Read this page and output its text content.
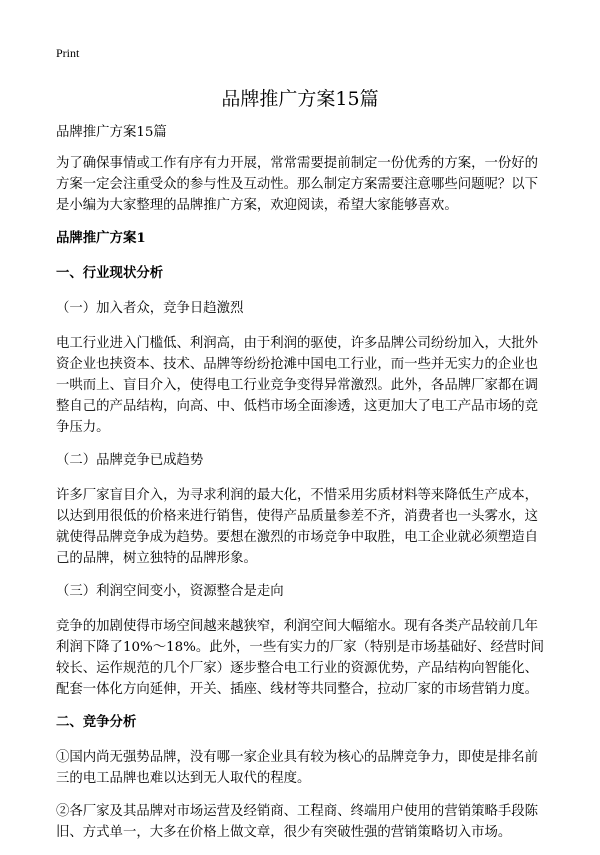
Print
品牌推广方案15篇

品牌推广方案15篇

为了确保事情或工作有序有力开展，常常需要提前制定一份优秀的方案，一份好的方案一定会注重受众的参与性及互动性。那么制定方案需要注意哪些问题呢？以下是小编为大家整理的品牌推广方案，欢迎阅读，希望大家能够喜欢。

品牌推广方案1

一、行业现状分析

（一）加入者众，竞争日趋激烈

电工行业进入门槛低、利润高，由于利润的驱使，许多品牌公司纷纷加入，大批外资企业也挟资本、技术、品牌等纷纷抢滩中国电工行业，而一些并无实力的企业也一哄而上、盲目介入，使得电工行业竞争变得异常激烈。此外，各品牌厂家都在调整自己的产品结构，向高、中、低档市场全面渗透，这更加大了电工产品市场的竞争压力。

（二）品牌竞争已成趋势

许多厂家盲目介入，为寻求利润的最大化，不惜采用劣质材料等来降低生产成本，以达到用很低的价格来进行销售，使得产品质量参差不齐，消费者也一头雾水，这就使得品牌竞争成为趋势。要想在激烈的市场竞争中取胜，电工企业就必须塑造自己的品牌，树立独特的品牌形象。

（三）利润空间变小，资源整合是走向

竞争的加剧使得市场空间越来越狭窄，利润空间大幅缩水。现有各类产品较前几年利润下降了10%～18%。此外，一些有实力的厂家（特别是市场基础好、经营时间较长、运作规范的几个厂家）逐步整合电工行业的资源优势，产品结构向智能化、配套一体化方向延伸，开关、插座、线材等共同整合，拉动厂家的市场营销力度。

二、竞争分析

①国内尚无强势品牌，没有哪一家企业具有较为核心的品牌竞争力，即使是排名前三的电工品牌也难以达到无人取代的程度。

②各厂家及其品牌对市场运营及经销商、工程商、终端用户使用的营销策略手段陈旧、方式单一，大多在价格上做文章，很少有突破性强的营销策略切入市场。
